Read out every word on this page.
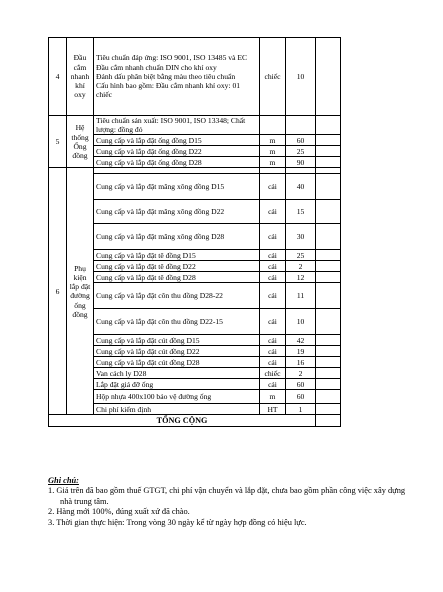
4	Đầu cắm nhanh khí oxy	Tiêu chuẩn đáp ứng: ISO 9001, ISO 13485 và EC
Đầu cắm nhanh chuẩn DIN cho khí oxy
Đánh dấu phân biệt bằng màu theo tiêu chuẩn
Cấu hình bao gồm: Đầu cắm nhanh khí oxy: 01 chiếc	chiếc	10	
5	Hệ thống Ống đồng	Tiêu chuẩn sản xuất: ISO 9001, ISO 13348; Chất lượng: đồng đỏ			
		Cung cấp và lắp đặt ống đồng D15	m	60	
		Cung cấp và lắp đặt ống đồng D22	m	25	
		Cung cấp và lắp đặt ống đồng D28	m	90	
6	Phụ kiện lắp đặt đường ống đồng				
		Cung cấp và lắp đặt măng xông đồng D15	cái	40	
		Cung cấp và lắp đặt măng xông đồng D22	cái	15	
		Cung cấp và lắp đặt măng xông đồng D28	cái	30	
		Cung cấp và lắp đặt tê đồng D15	cái	25	
		Cung cấp và lắp đặt tê đồng D22	cái	2	
		Cung cấp và lắp đặt tê đồng D28	cái	12	
		Cung cấp và lắp đặt côn thu đồng D28-22	cái	11	
		Cung cấp và lắp đặt côn thu đồng D22-15	cái	10	
		Cung cấp và lắp đặt cút đồng D15	cái	42	
		Cung cấp và lắp đặt cút đồng D22	cái	19	
		Cung cấp và lắp đặt cút đồng D28	cái	16	
		Van cách ly D28	chiếc	2	
		Lắp đặt giá đỡ ống	cái	60	
		Hộp nhựa 400x100 bảo vệ đường ống	m	60	
		Chi phí kiểm định	HT	1	
TỔNG CỘNG					
Ghi chú:
1. Giá trên đã bao gồm thuế GTGT, chi phí vận chuyển và lắp đặt, chưa bao gồm phần công việc xây dựng nhà trung tâm.
2. Hàng mới 100%, đúng xuất xứ đã chào.
3. Thời gian thực hiện: Trong vòng 30 ngày kể từ ngày hợp đồng có hiệu lực.
